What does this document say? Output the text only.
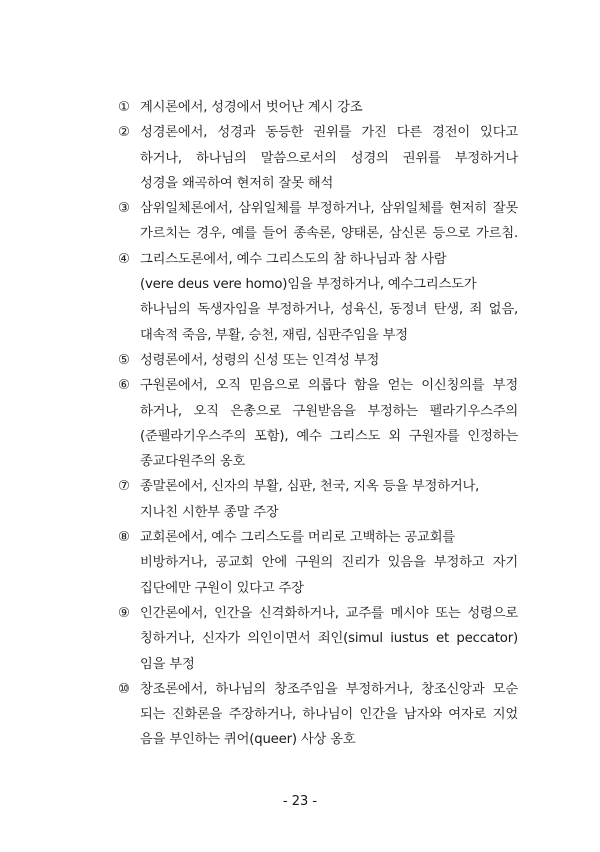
① 계시론에서, 성경에서 벗어난 계시 강조
② 성경론에서, 성경과 동등한 권위를 가진 다른 경전이 있다고
하거나, 하나님의 말씀으로서의 성경의 권위를 부정하거나
성경을 왜곡하여 현저히 잘못 해석
③ 삼위일체론에서, 삼위일체를 부정하거나, 삼위일체를 현저히 잘못
가르치는 경우, 예를 들어 종속론, 양태론, 삼신론 등으로 가르침.
④ 그리스도론에서, 예수 그리스도의 참 하나님과 참 사람
(vere deus vere homo)임을 부정하거나, 예수그리스도가
하나님의 독생자임을 부정하거나, 성육신, 동정녀 탄생, 죄 없음,
대속적 죽음, 부활, 승천, 재림, 심판주임을 부정
⑤ 성령론에서, 성령의 신성 또는 인격성 부정
⑥ 구원론에서, 오직 믿음으로 의롭다 함을 얻는 이신칭의를 부정
하거나, 오직 은총으로 구원받음을 부정하는 펠라기우스주의
(준펠라기우스주의 포함), 예수 그리스도 외 구원자를 인정하는
종교다원주의 옹호
⑦ 종말론에서, 신자의 부활, 심판, 천국, 지옥 등을 부정하거나,
지나친 시한부 종말 주장
⑧ 교회론에서, 예수 그리스도를 머리로 고백하는 공교회를
비방하거나, 공교회 안에 구원의 진리가 있음을 부정하고 자기
집단에만 구원이 있다고 주장
⑨ 인간론에서, 인간을 신격화하거나, 교주를 메시야 또는 성령으로
칭하거나, 신자가 의인이면서 죄인(simul iustus et peccator)
임을 부정
⑩ 창조론에서, 하나님의 창조주임을 부정하거나, 창조신앙과 모순
되는 진화론을 주장하거나, 하나님이 인간을 남자와 여자로 지었
음을 부인하는 퀴어(queer) 사상 옹호
- 23 -
